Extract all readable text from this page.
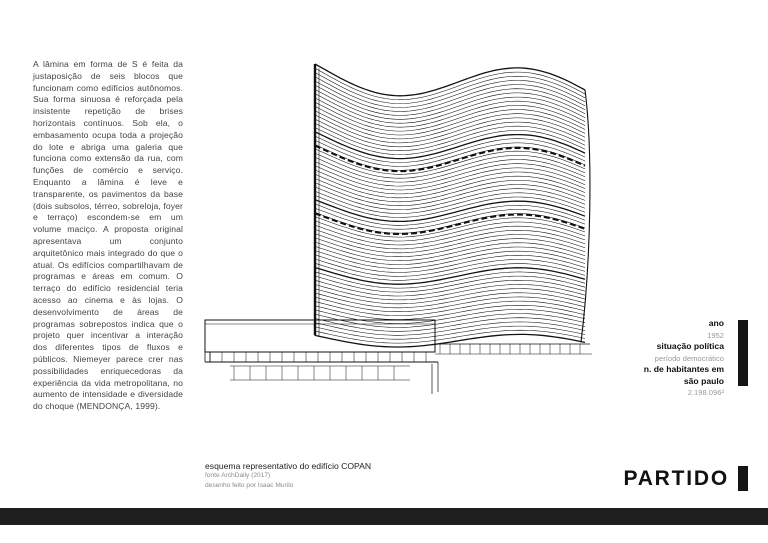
A lâmina em forma de S é feita da justaposição de seis blocos que funcionam como edifícios autônomos. Sua forma sinuosa é reforçada pela insistente repetição de brises horizontais contínuos. Sob ela, o embasamento ocupa toda a projeção do lote e abriga uma galeria que funciona como extensão da rua, com funções de comércio e serviço. Enquanto a lâmina é leve e transparente, os pavimentos da base (dois subsolos, térreo, sobreloja, foyer e terraço) escondem-se em um volume maciço. A proposta original apresentava um conjunto arquitetônico mais integrado do que o atual. Os edifícios compartilhavam de programas e áreas em comum. O terraço do edifício residencial teria acesso ao cinema e às lojas. O desenvolvimento de áreas de programas sobrepostos indica que o projeto quer incentivar a interação dos diferentes tipos de fluxos e públicos. Niemeyer parece crer nas possibilidades enriquecedoras da experiência da vida metropolitana, no aumento de intensidade e diversidade do choque (MENDONÇA, 1999).

esquema representativo do edifício COPAN

fonte ArchDaily (2017)

desenho feito por Isaac Murilo

ano
1952
situação política
período democrático
n. de habitantes em
são paulo
2.198.096²
PARTIDO
